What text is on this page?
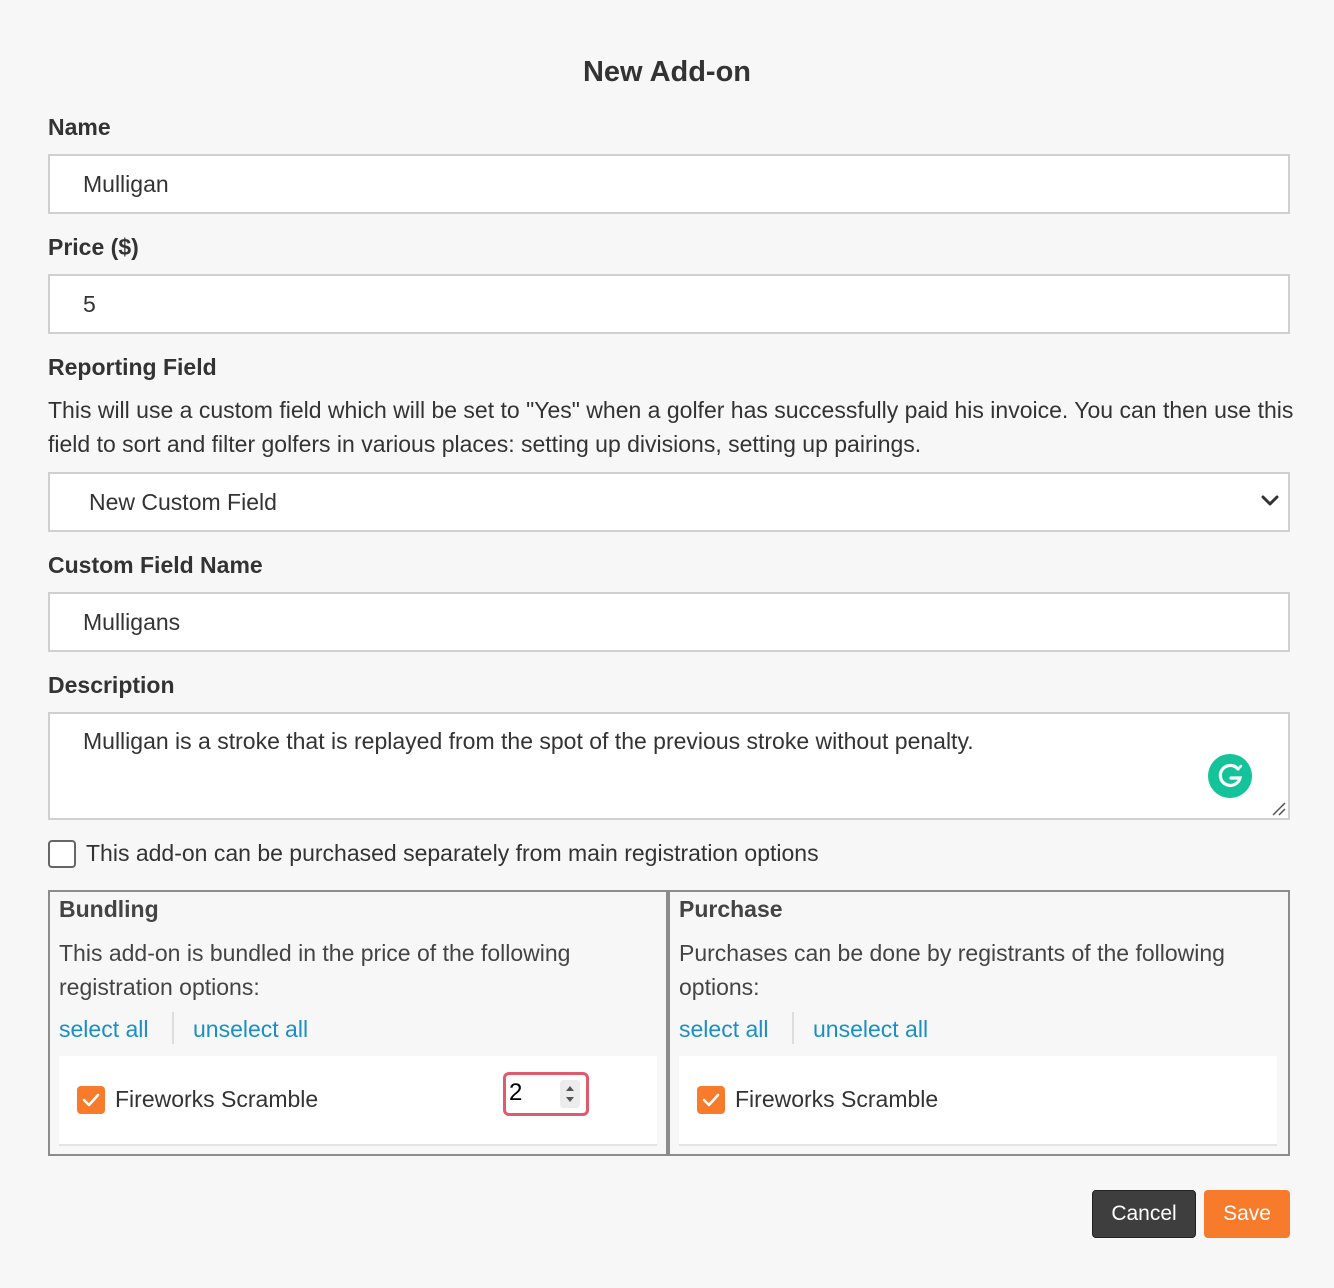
New Add-on
Name
Mulligan
Price ($)
5
Reporting Field
This will use a custom field which will be set to "Yes" when a golfer has successfully paid his invoice. You can then use this field to sort and filter golfers in various places: setting up divisions, setting up pairings.
New Custom Field
Custom Field Name
Mulligans
Description
Mulligan is a stroke that is replayed from the spot of the previous stroke without penalty.
This add-on can be purchased separately from main registration options
Bundling
This add-on is bundled in the price of the following registration options:
select all unselect all
Fireworks Scramble	2
Purchase
Purchases can be done by registrants of the following options:
select all unselect all
Fireworks Scramble
Cancel	Save
